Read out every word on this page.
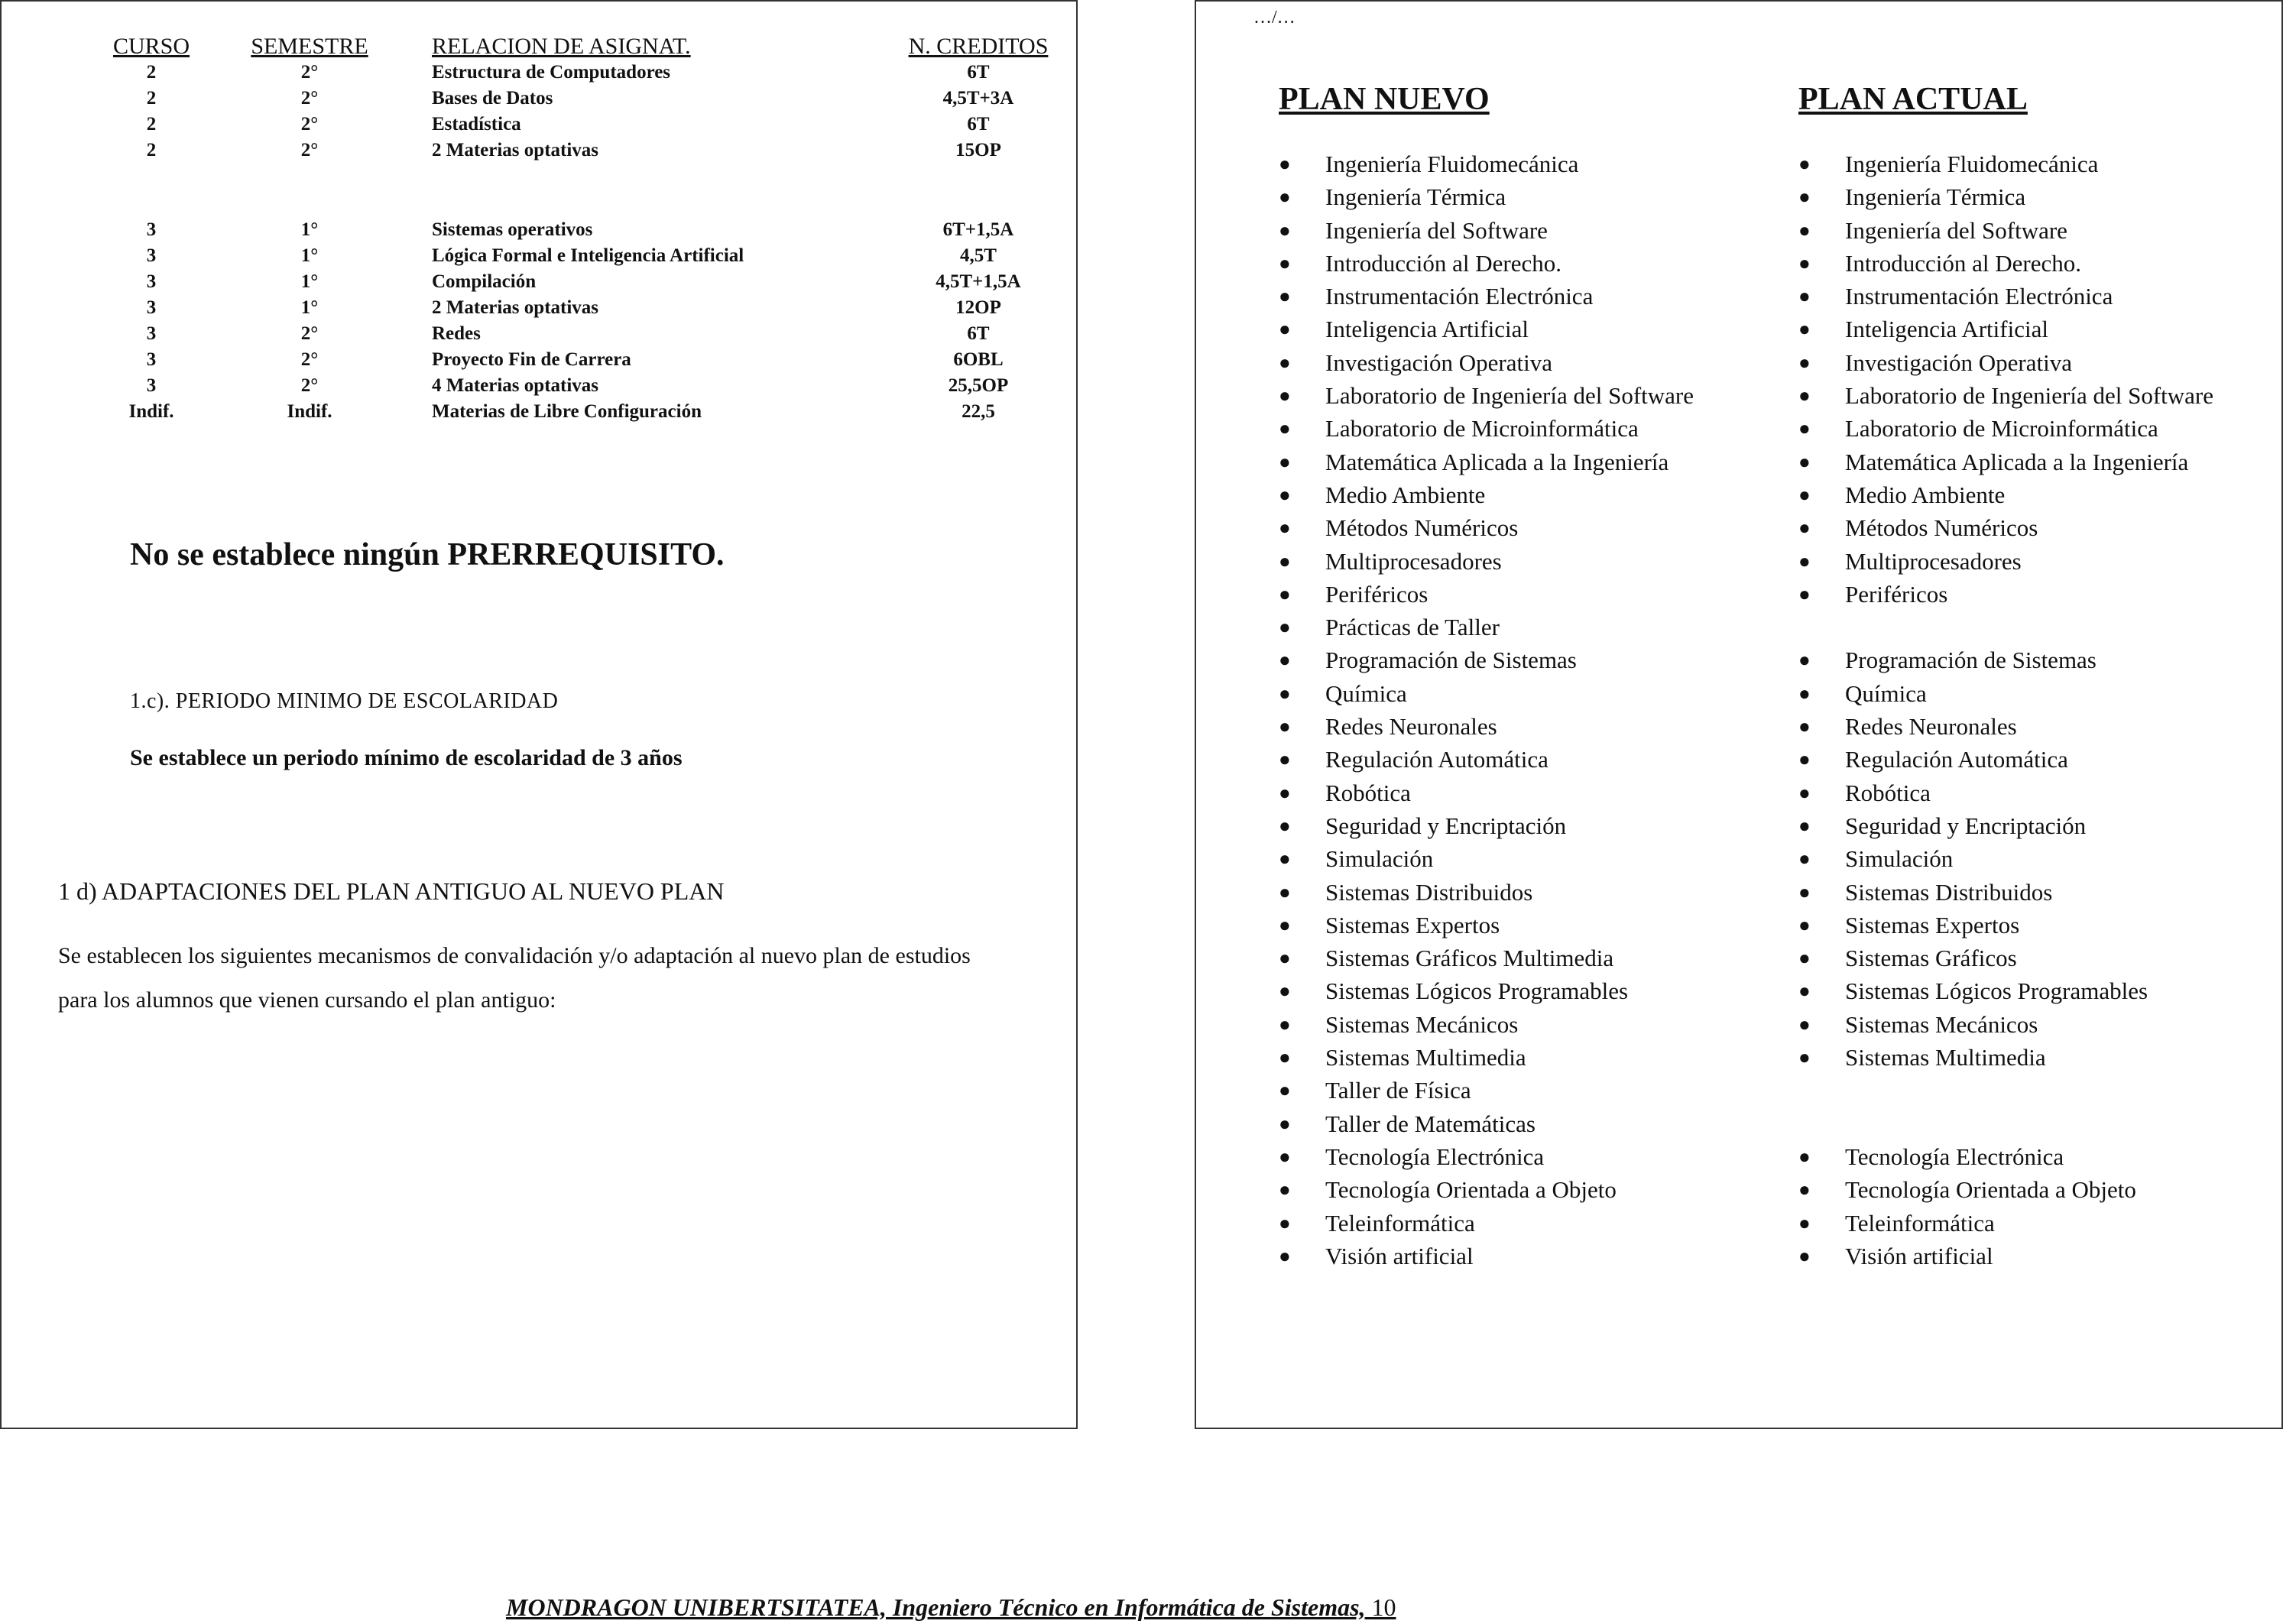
CURSO	SEMESTRE	RELACION DE ASIGNAT.	N. CREDITOS
2	2°	Estructura de Computadores	6T
2	2°	Bases de Datos	4,5T+3A
2	2°	Estadística	6T
2	2°	2 Materias optativas	15OP
3	1°	Sistemas operativos	6T+1,5A
3	1°	Lógica Formal e Inteligencia Artificial	4,5T
3	1°	Compilación	4,5T+1,5A
3	1°	2 Materias optativas	12OP
3	2°	Redes	6T
3	2°	Proyecto Fin de Carrera	6OBL
3	2°	4 Materias optativas	25,5OP
Indif.	Indif.	Materias de Libre Configuración	22,5
No se establece ningún PRERREQUISITO.
1.c). PERIODO MINIMO DE ESCOLARIDAD
Se establece un periodo mínimo de escolaridad de 3 años
1 d) ADAPTACIONES DEL PLAN ANTIGUO AL NUEVO PLAN
Se establecen los siguientes mecanismos de convalidación y/o adaptación al nuevo plan de estudios para los alumnos que vienen cursando el plan antiguo:
…/…
PLAN NUEVO	PLAN ACTUAL
● Ingeniería Fluidomecánica
● Ingeniería Térmica
● Ingeniería del Software
● Introducción al Derecho.
● Instrumentación Electrónica
● Inteligencia Artificial
● Investigación Operativa
● Laboratorio de Ingeniería del Software
● Laboratorio de Microinformática
● Matemática Aplicada a la Ingeniería
● Medio Ambiente
● Métodos Numéricos
● Multiprocesadores
● Periféricos
● Prácticas de Taller
● Programación de Sistemas
● Química
● Redes Neuronales
● Regulación Automática
● Robótica
● Seguridad y Encriptación
● Simulación
● Sistemas Distribuidos
● Sistemas Expertos
● Sistemas Gráficos Multimedia
● Sistemas Lógicos Programables
● Sistemas Mecánicos
● Sistemas Multimedia
● Taller de Física
● Taller de Matemáticas
● Tecnología Electrónica
● Tecnología Orientada a Objeto
● Teleinformática
● Visión artificial
● Ingeniería Fluidomecánica
● Ingeniería Térmica
● Ingeniería del Software
● Introducción al Derecho.
● Instrumentación Electrónica
● Inteligencia Artificial
● Investigación Operativa
● Laboratorio de Ingeniería del Software
● Laboratorio de Microinformática
● Matemática Aplicada a la Ingeniería
● Medio Ambiente
● Métodos Numéricos
● Multiprocesadores
● Periféricos
● Programación de Sistemas
● Química
● Redes Neuronales
● Regulación Automática
● Robótica
● Seguridad y Encriptación
● Simulación
● Sistemas Distribuidos
● Sistemas Expertos
● Sistemas Gráficos
● Sistemas Lógicos Programables
● Sistemas Mecánicos
● Sistemas Multimedia
● Tecnología Electrónica
● Tecnología Orientada a Objeto
● Teleinformática
● Visión artificial
MONDRAGON UNIBERTSITATEA, Ingeniero Técnico en Informática de Sistemas, 10
